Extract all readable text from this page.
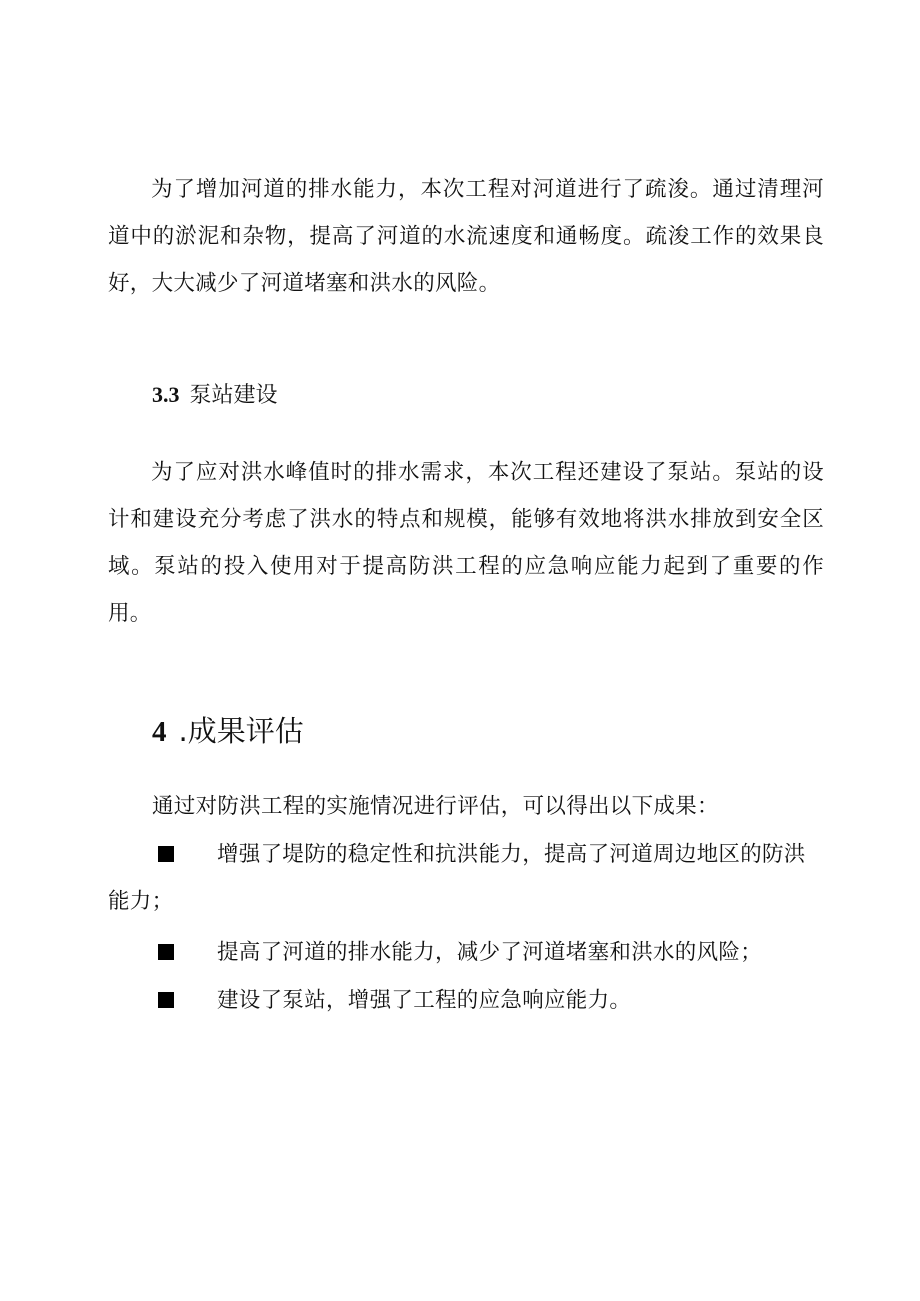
为了增加河道的排水能力，本次工程对河道进行了疏浚。通过清理河道中的淤泥和杂物，提高了河道的水流速度和通畅度。疏浚工作的效果良好，大大减少了河道堵塞和洪水的风险。

3.3 泵站建设

为了应对洪水峰值时的排水需求，本次工程还建设了泵站。泵站的设计和建设充分考虑了洪水的特点和规模，能够有效地将洪水排放到安全区域。泵站的投入使用对于提高防洪工程的应急响应能力起到了重要的作用。

4 .成果评估
通过对防洪工程的实施情况进行评估，可以得出以下成果：
增强了堤防的稳定性和抗洪能力，提高了河道周边地区的防洪能力；
提高了河道的排水能力，减少了河道堵塞和洪水的风险；
建设了泵站，增强了工程的应急响应能力。
